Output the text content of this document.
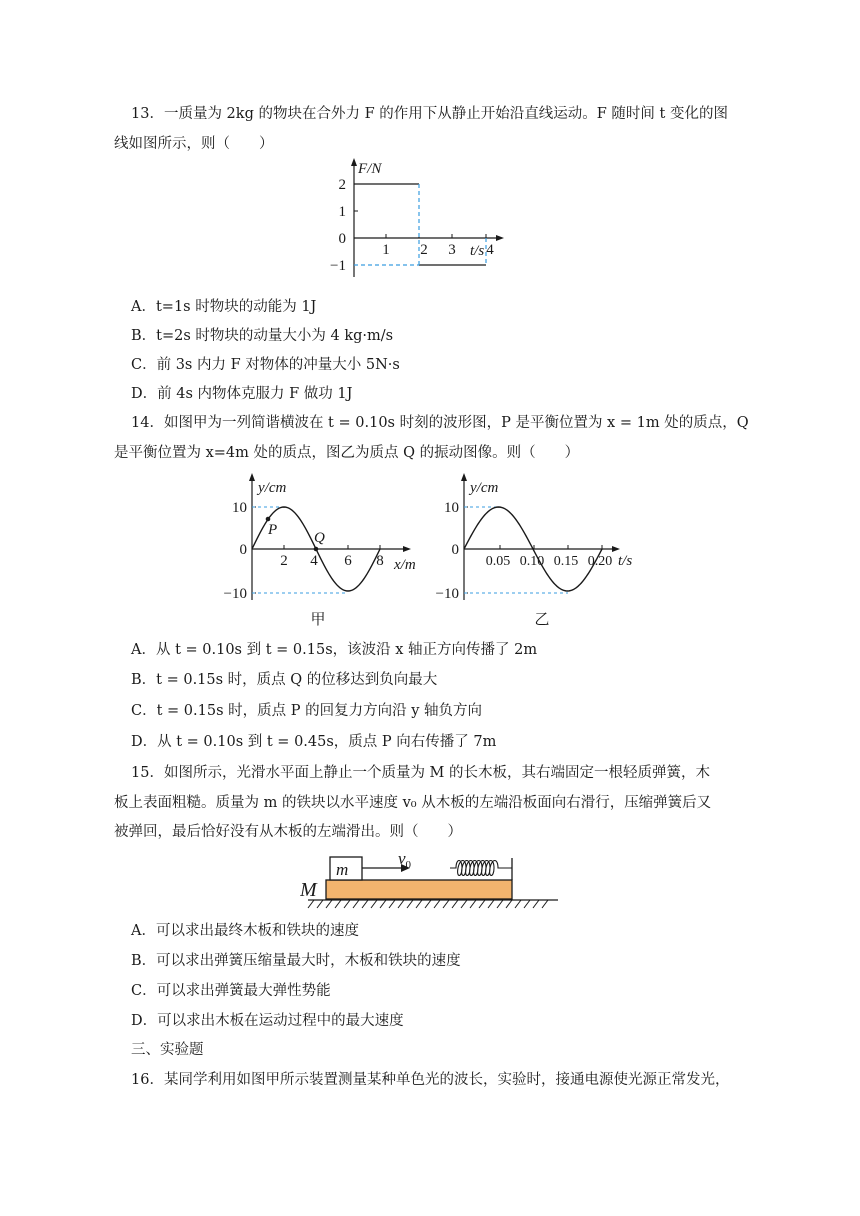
13．一质量为 2kg 的物块在合外力 F 的作用下从静止开始沿直线运动。F 随时间 t 变化的图
线如图所示，则（　　）
F/N
t/s
2
1
0
−1
1 2 3 4
A．t=1s 时物块的动能为 1J
B．t=2s 时物块的动量大小为 4 kg·m/s
C．前 3s 内力 F 对物体的冲量大小 5N·s
D．前 4s 内物体克服力 F 做功 1J
14．如图甲为一列简谐横波在 t = 0.10s 时刻的波形图，P 是平衡位置为 x = 1m 处的质点，Q
是平衡位置为 x=4m 处的质点，图乙为质点 Q 的振动图像。则（　　）
P Q
y/cm
x/m
10
0
−10
2 4 6 8
甲
y/cm
t/s
10
0
−10
0.05 0.10 0.15 0.20
乙
A．从 t = 0.10s 到 t = 0.15s，该波沿 x 轴正方向传播了 2m
B．t = 0.15s 时，质点 Q 的位移达到负向最大
C．t = 0.15s 时，质点 P 的回复力方向沿 y 轴负方向
D．从 t = 0.10s 到 t = 0.45s，质点 P 向右传播了 7m
15．如图所示，光滑水平面上静止一个质量为 M 的长木板，其右端固定一根轻质弹簧，木
板上表面粗糙。质量为 m 的铁块以水平速度 v₀ 从木板的左端沿板面向右滑行，压缩弹簧后又
被弹回，最后恰好没有从木板的左端滑出。则（　　）
m
M
$v_0$
A．可以求出最终木板和铁块的速度
B．可以求出弹簧压缩量最大时，木板和铁块的速度
C．可以求出弹簧最大弹性势能
D．可以求出木板在运动过程中的最大速度
三、实验题
16．某同学利用如图甲所示装置测量某种单色光的波长，实验时，接通电源使光源正常发光，
